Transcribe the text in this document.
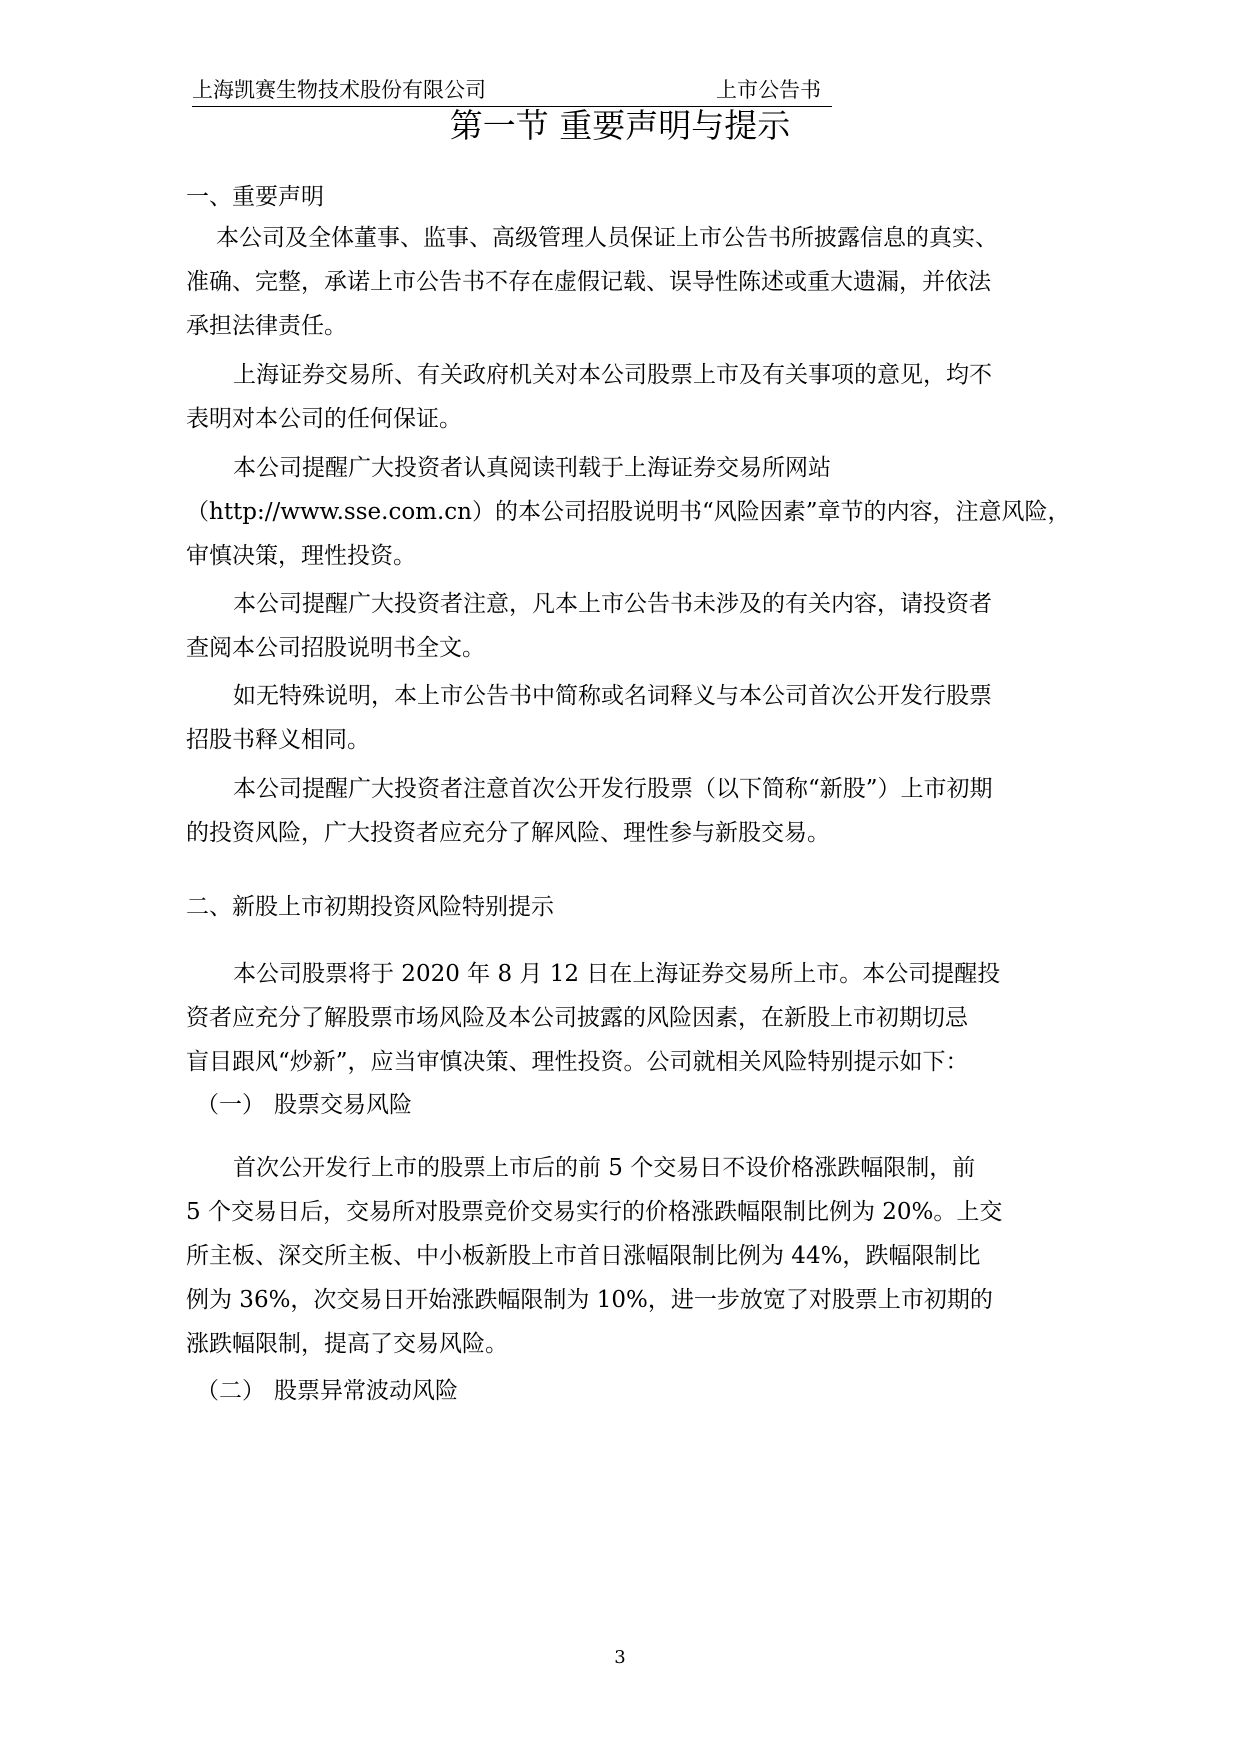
上海凯赛生物技术股份有限公司	上市公告书
第一节 重要声明与提示
一、重要声明
本公司及全体董事、监事、高级管理人员保证上市公告书所披露信息的真实、
准确、完整，承诺上市公告书不存在虚假记载、误导性陈述或重大遗漏，并依法
承担法律责任。
上海证券交易所、有关政府机关对本公司股票上市及有关事项的意见，均不
表明对本公司的任何保证。
本公司提醒广大投资者认真阅读刊载于上海证券交易所网站
（http://www.sse.com.cn）的本公司招股说明书“风险因素”章节的内容，注意风险，
审慎决策，理性投资。
本公司提醒广大投资者注意，凡本上市公告书未涉及的有关内容，请投资者
查阅本公司招股说明书全文。
如无特殊说明，本上市公告书中简称或名词释义与本公司首次公开发行股票
招股书释义相同。
本公司提醒广大投资者注意首次公开发行股票（以下简称“新股”）上市初期
的投资风险，广大投资者应充分了解风险、理性参与新股交易。
二、新股上市初期投资风险特别提示
本公司股票将于 2020 年 8 月 12 日在上海证券交易所上市。本公司提醒投
资者应充分了解股票市场风险及本公司披露的风险因素，在新股上市初期切忌
盲目跟风“炒新”，应当审慎决策、理性投资。公司就相关风险特别提示如下：
（一） 股票交易风险
首次公开发行上市的股票上市后的前 5 个交易日不设价格涨跌幅限制，前
5 个交易日后，交易所对股票竞价交易实行的价格涨跌幅限制比例为 20%。上交
所主板、深交所主板、中小板新股上市首日涨幅限制比例为 44%，跌幅限制比
例为 36%，次交易日开始涨跌幅限制为 10%，进一步放宽了对股票上市初期的
涨跌幅限制，提高了交易风险。
（二） 股票异常波动风险
3
